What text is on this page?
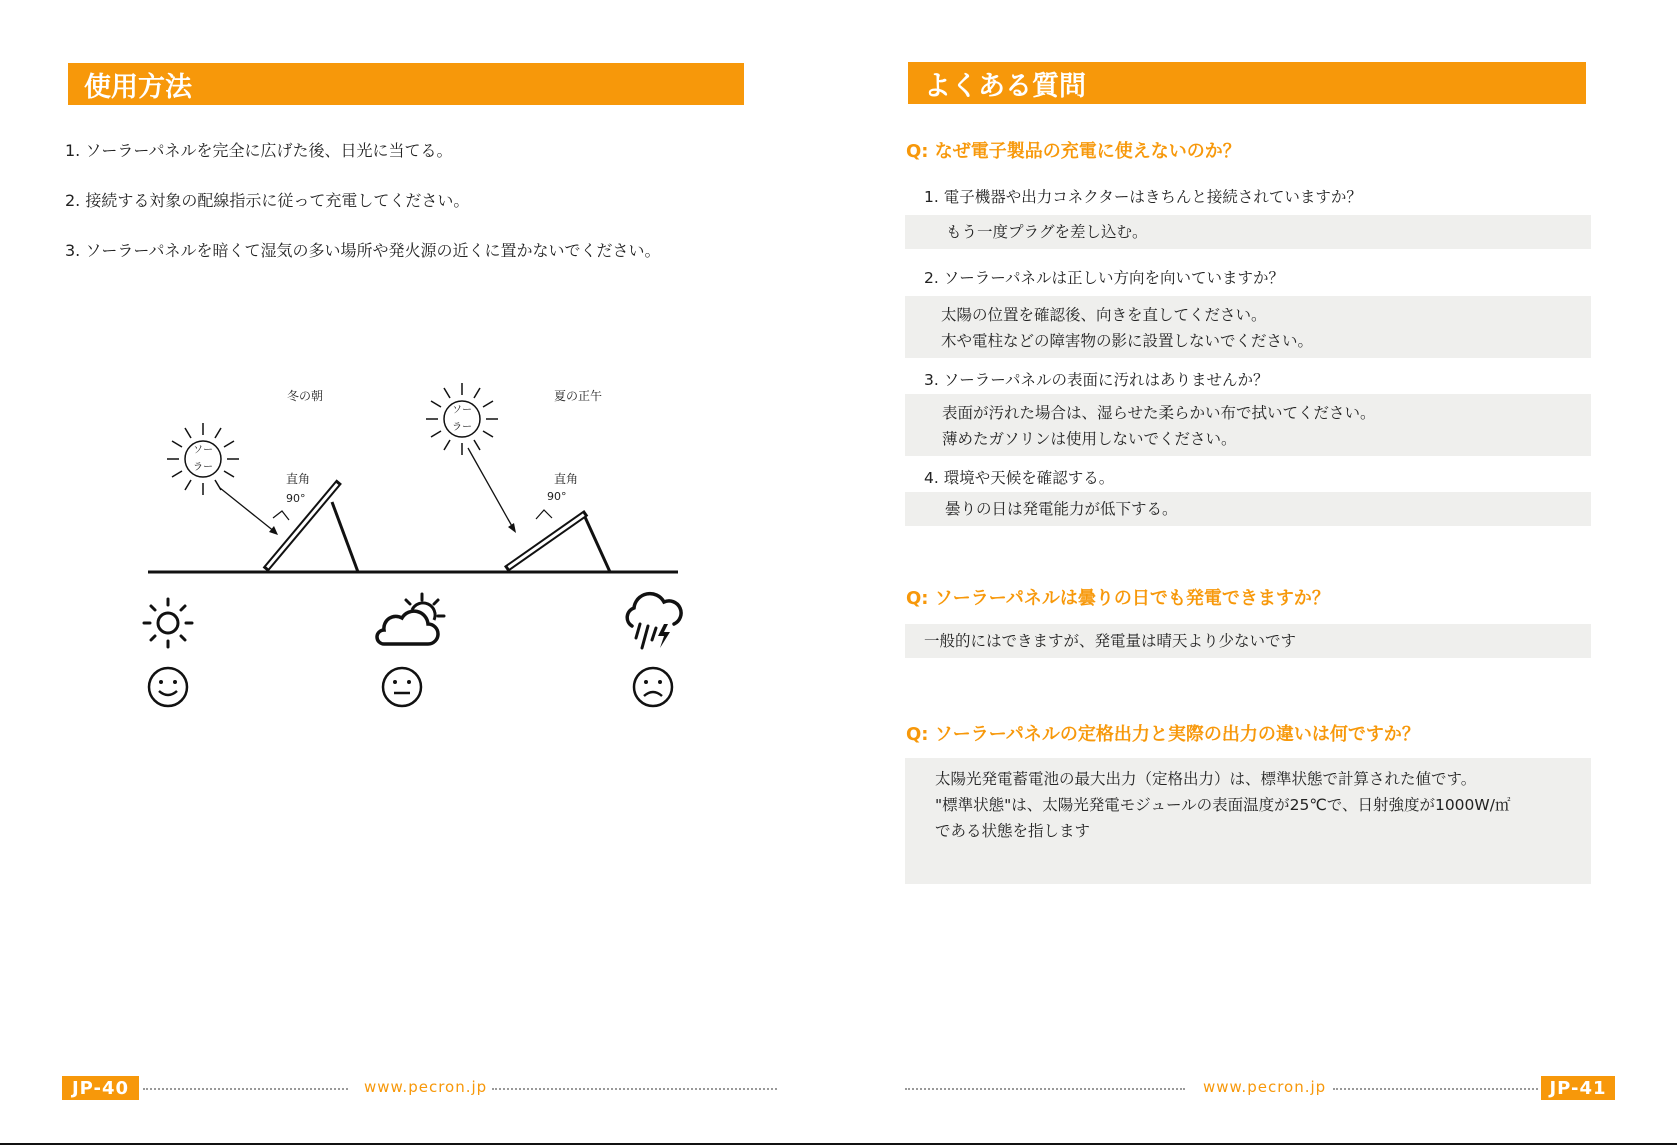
使用方法
1. ソーラーパネルを完全に広げた後、日光に当てる。
2. 接続する対象の配線指示に従って充電してください。
3. ソーラーパネルを暗くて湿気の多い場所や発火源の近くに置かないでください。
冬の朝	夏の正午
直角	直角
90°	90°
ソー
ラー
ソー
ラー
JP-40	www.pecron.jp
よくある質問
Q: なぜ電子製品の充電に使えないのか？
1. 電子機器や出力コネクターはきちんと接続されていますか？
もう一度プラグを差し込む。
2. ソーラーパネルは正しい方向を向いていますか？
太陽の位置を確認後、向きを直してください。
木や電柱などの障害物の影に設置しないでください。
3. ソーラーパネルの表面に汚れはありませんか？
表面が汚れた場合は、湿らせた柔らかい布で拭いてください。
薄めたガソリンは使用しないでください。
4. 環境や天候を確認する。
曇りの日は発電能力が低下する。
Q: ソーラーパネルは曇りの日でも発電できますか？
一般的にはできますが、発電量は晴天より少ないです
Q: ソーラーパネルの定格出力と実際の出力の違いは何ですか？
太陽光発電蓄電池の最大出力（定格出力）は、標準状態で計算された値です。
"標準状態"は、太陽光発電モジュールの表面温度が25℃で、日射強度が1000W/㎡
である状態を指します
www.pecron.jp	JP-41
